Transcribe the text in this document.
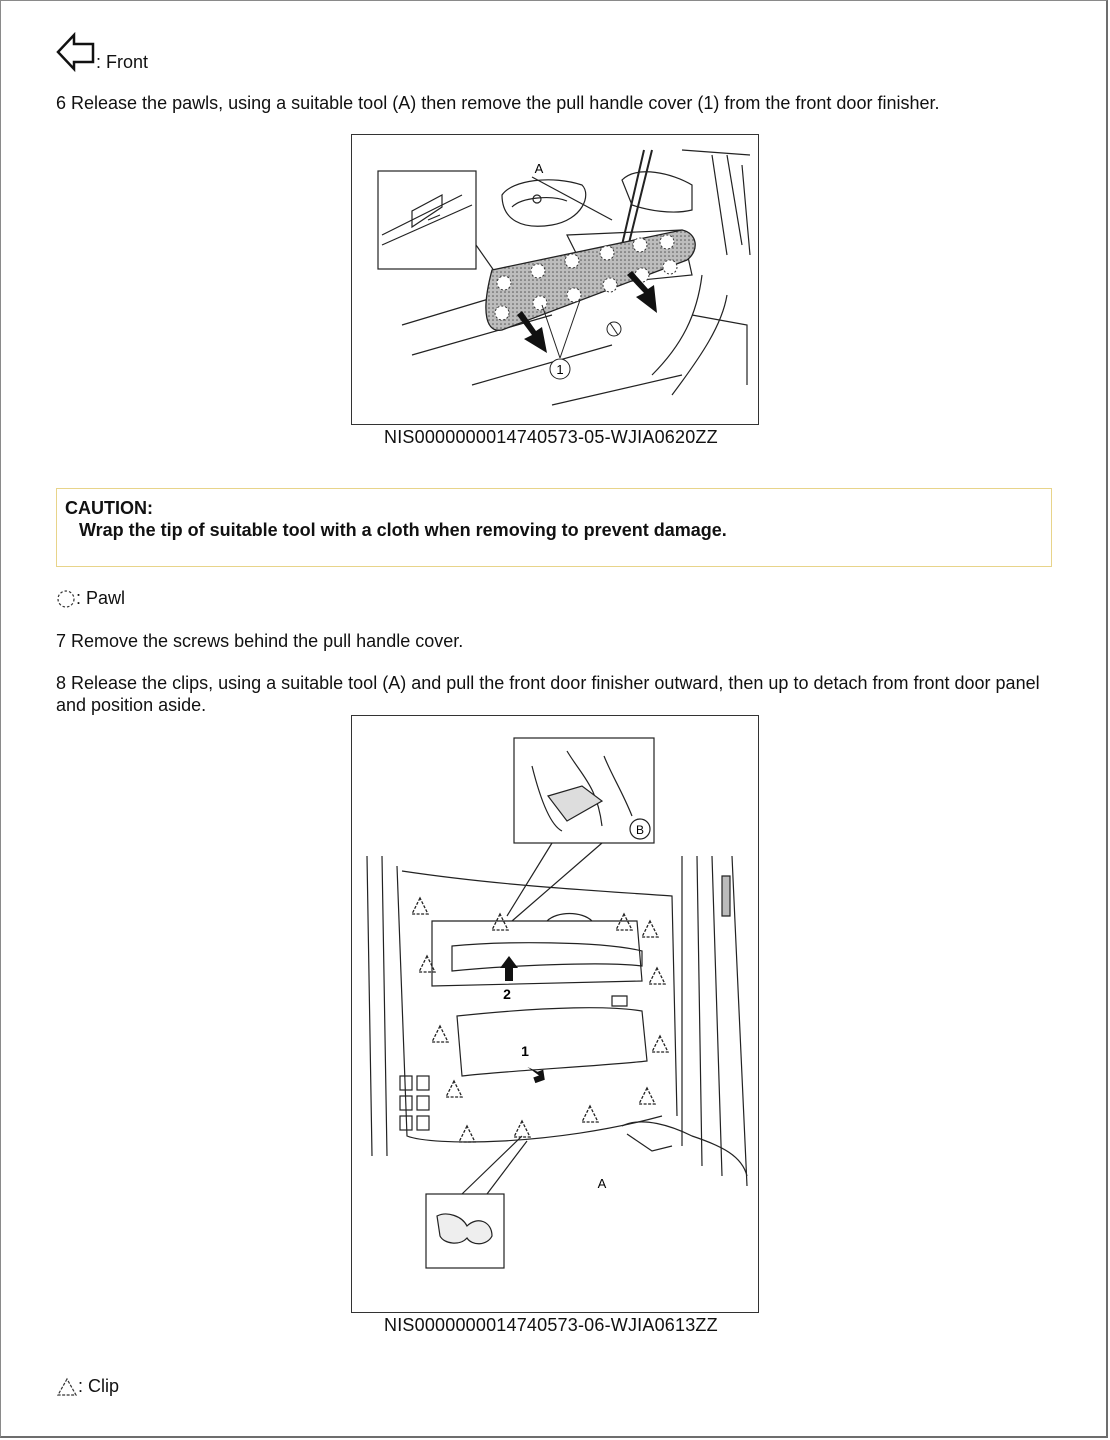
: Front
6 Release the pawls, using a suitable tool (A) then remove the pull handle cover (1) from the front door finisher.
1
A
NIS0000000014740573-05-WJIA0620ZZ
CAUTION:
Wrap the tip of suitable tool with a cloth when removing to prevent damage.
: Pawl
7 Remove the screws behind the pull handle cover.
8 Release the clips, using a suitable tool (A) and pull the front door finisher outward, then up to detach from front door panel and position aside.
2
1
B
A
NIS0000000014740573-06-WJIA0613ZZ
: Clip
